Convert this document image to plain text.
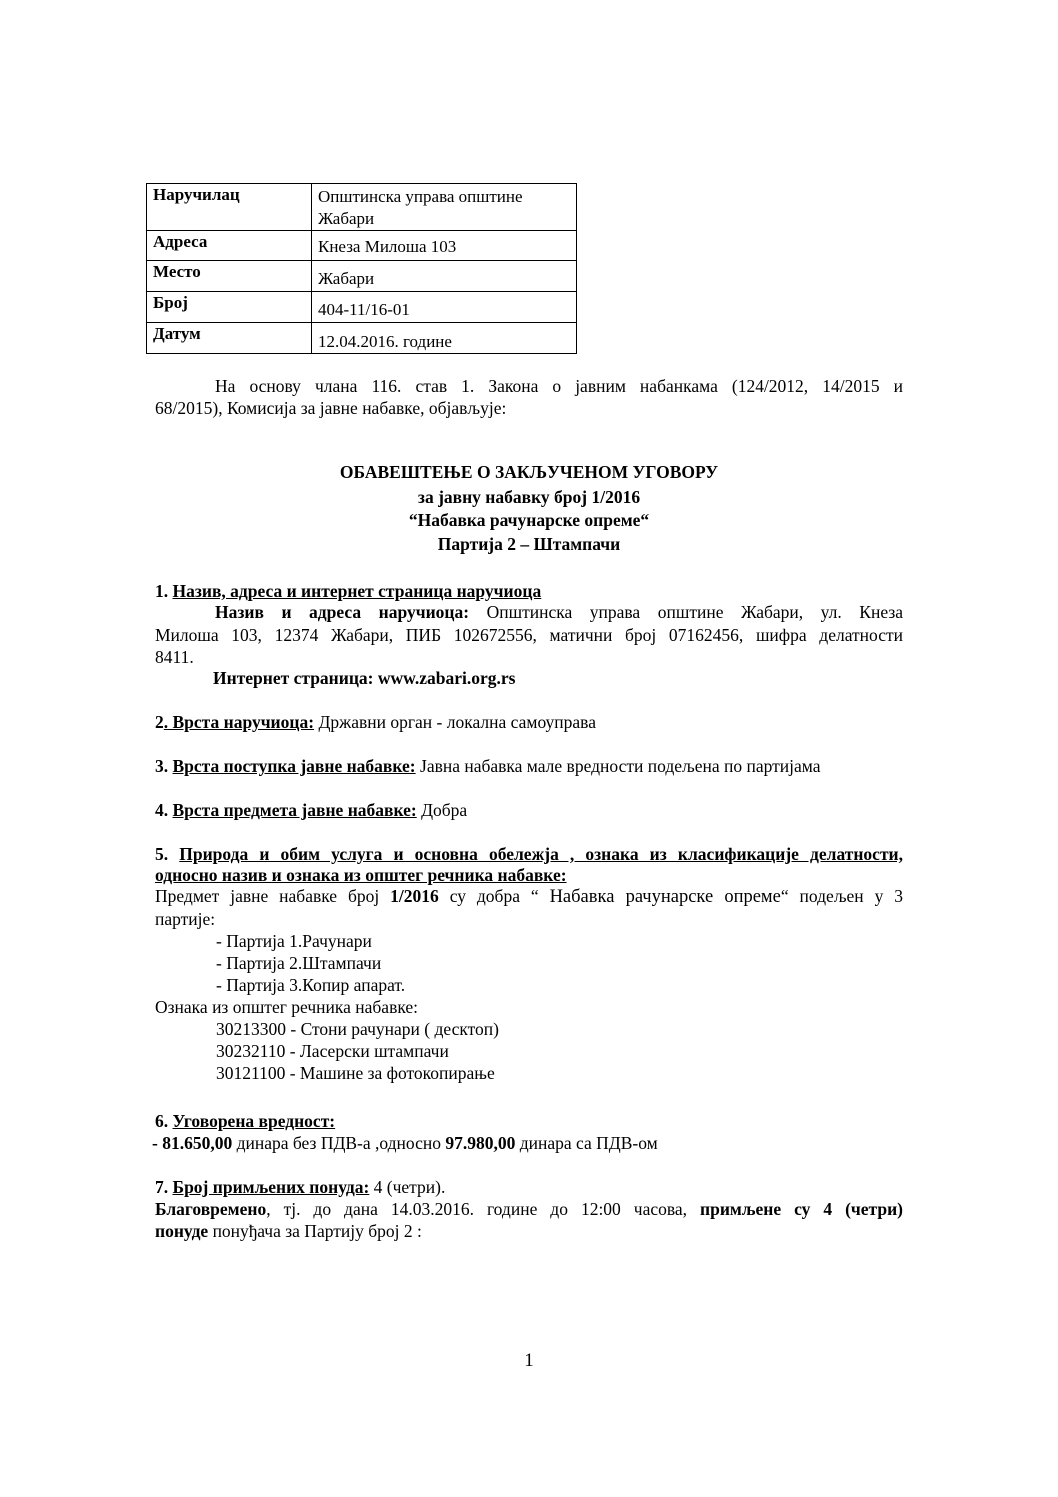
Наручилац	Општинска управа општине Жабари
Адреса	Кнеза Милоша 103
Место	Жабари
Број	404-11/16-01
Датум	12.04.2016. године
На основу члана 116. став 1. Закона о јавним набанкама (124/2012, 14/2015 и
68/2015), Комисија за јавне набавке, објављује:
ОБАВЕШТЕЊЕ О ЗАКЉУЧЕНОМ УГОВОРУ
за јавну набавку број 1/2016
“Набавка рачунарске опреме“
Партија 2 – Штампачи
1. Назив, адреса и интернет страница наручиоца
Назив и адреса наручиоца: Општинска управа општине Жабари, ул. Кнеза
Милоша 103, 12374 Жабари, ПИБ 102672556, матични број 07162456, шифра делатности
8411.
Интернет страница: www.zabari.org.rs
2. Врста наручиоца: Државни орган - локална самоуправа
3. Врста поступка јавне набавке: Јавна набавка мале вредности подељена по партијама
4. Врста предмета јавне набавке: Добра
5. Природа и обим услуга и основна обележја , ознака из класификације делатности,
односно назив и ознака из општег речника набавке:
Предмет јавне набавке број 1/2016 су добра “ Набавка рачунарске опреме“ подељен у 3
партије:
- Партија 1.Рачунари
- Партија 2.Штампачи
- Партија 3.Копир апарат.
Ознака из општег речника набавке:
30213300 - Стони рачунари ( десктоп)
30232110 - Ласерски штампачи
30121100 - Машине за фотокопирање
6. Уговорена вредност:
- 81.650,00 динара без ПДВ-а ,односно 97.980,00 динара са ПДВ-ом
7. Број примљених понуда: 4 (четри).
Благовремено, тј. до дана 14.03.2016. године до 12:00 часова, примљене су 4 (четри)
понуде понуђача за Партију број 2 :
1
